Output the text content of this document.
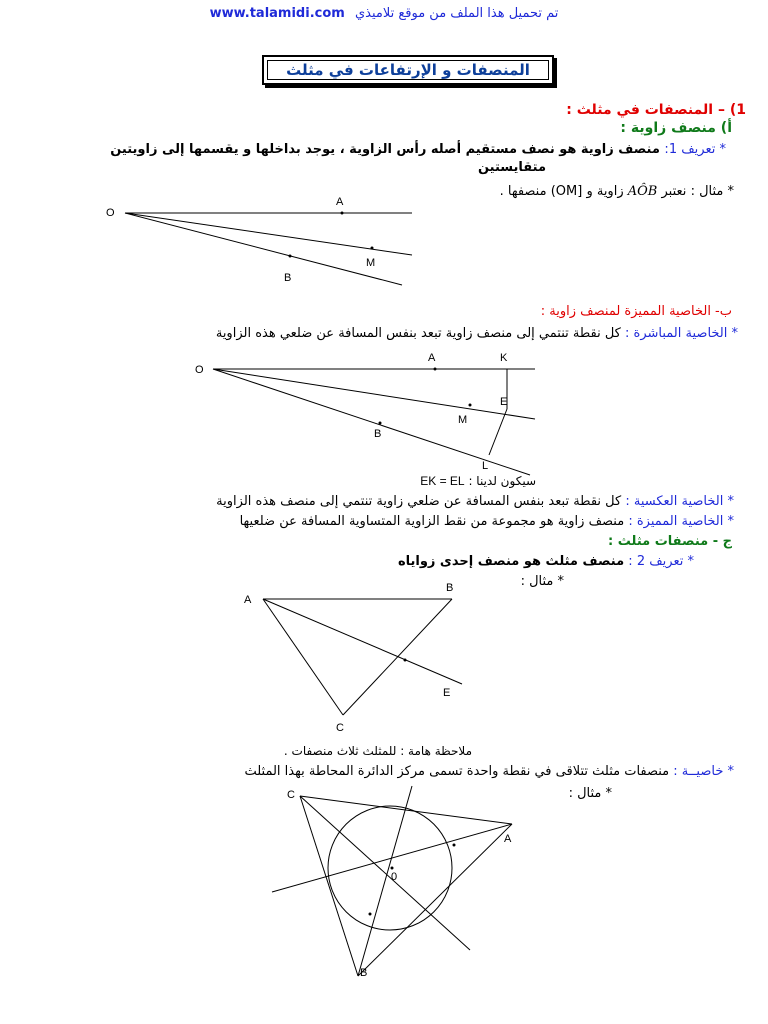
www.talamidi.com تم تحميل هذا الملف من موقع تلاميذي
المنصفات و الإرتفاعات في مثلث
1) – المنصفات في مثلث :
أ) منصف زاوية :
* تعريف 1: منصف زاوية هو نصف مستقيم أصله رأس الزاوية ، يوجد بداخلها و يقسمها إلى زاويتين
متقايستين
* مثال : نعتبر AÔB زاوية و [OM) منصفها .
O
A
M
B
ب- الخاصية المميزة لمنصف زاوية :
* الخاصية المباشرة : كل نقطة تنتمي إلى منصف زاوية تبعد بنفس المسافة عن ضلعي هذه الزاوية
O
A	K
E
M
B
L
سيكون لدينا : EK = EL
* الخاصية العكسية : كل نقطة تبعد بنفس المسافة عن ضلعي زاوية تنتمي إلى منصف هذه الزاوية
* الخاصية المميزة : منصف زاوية هو مجموعة من نقط الزاوية المتساوية المسافة عن ضلعيها
ج - منصفات مثلث :
* تعريف 2 : منصف مثلث هو منصف إحدى زواياه
* مثال :
A
B
E
C
ملاحظة هامة : للمثلث ثلاث منصفات .
* خاصيــة : منصفات مثلث تتلاقى في نقطة واحدة تسمى مركز الدائرة المحاطة بهذا المثلث
* مثال :
C
A
0
B
